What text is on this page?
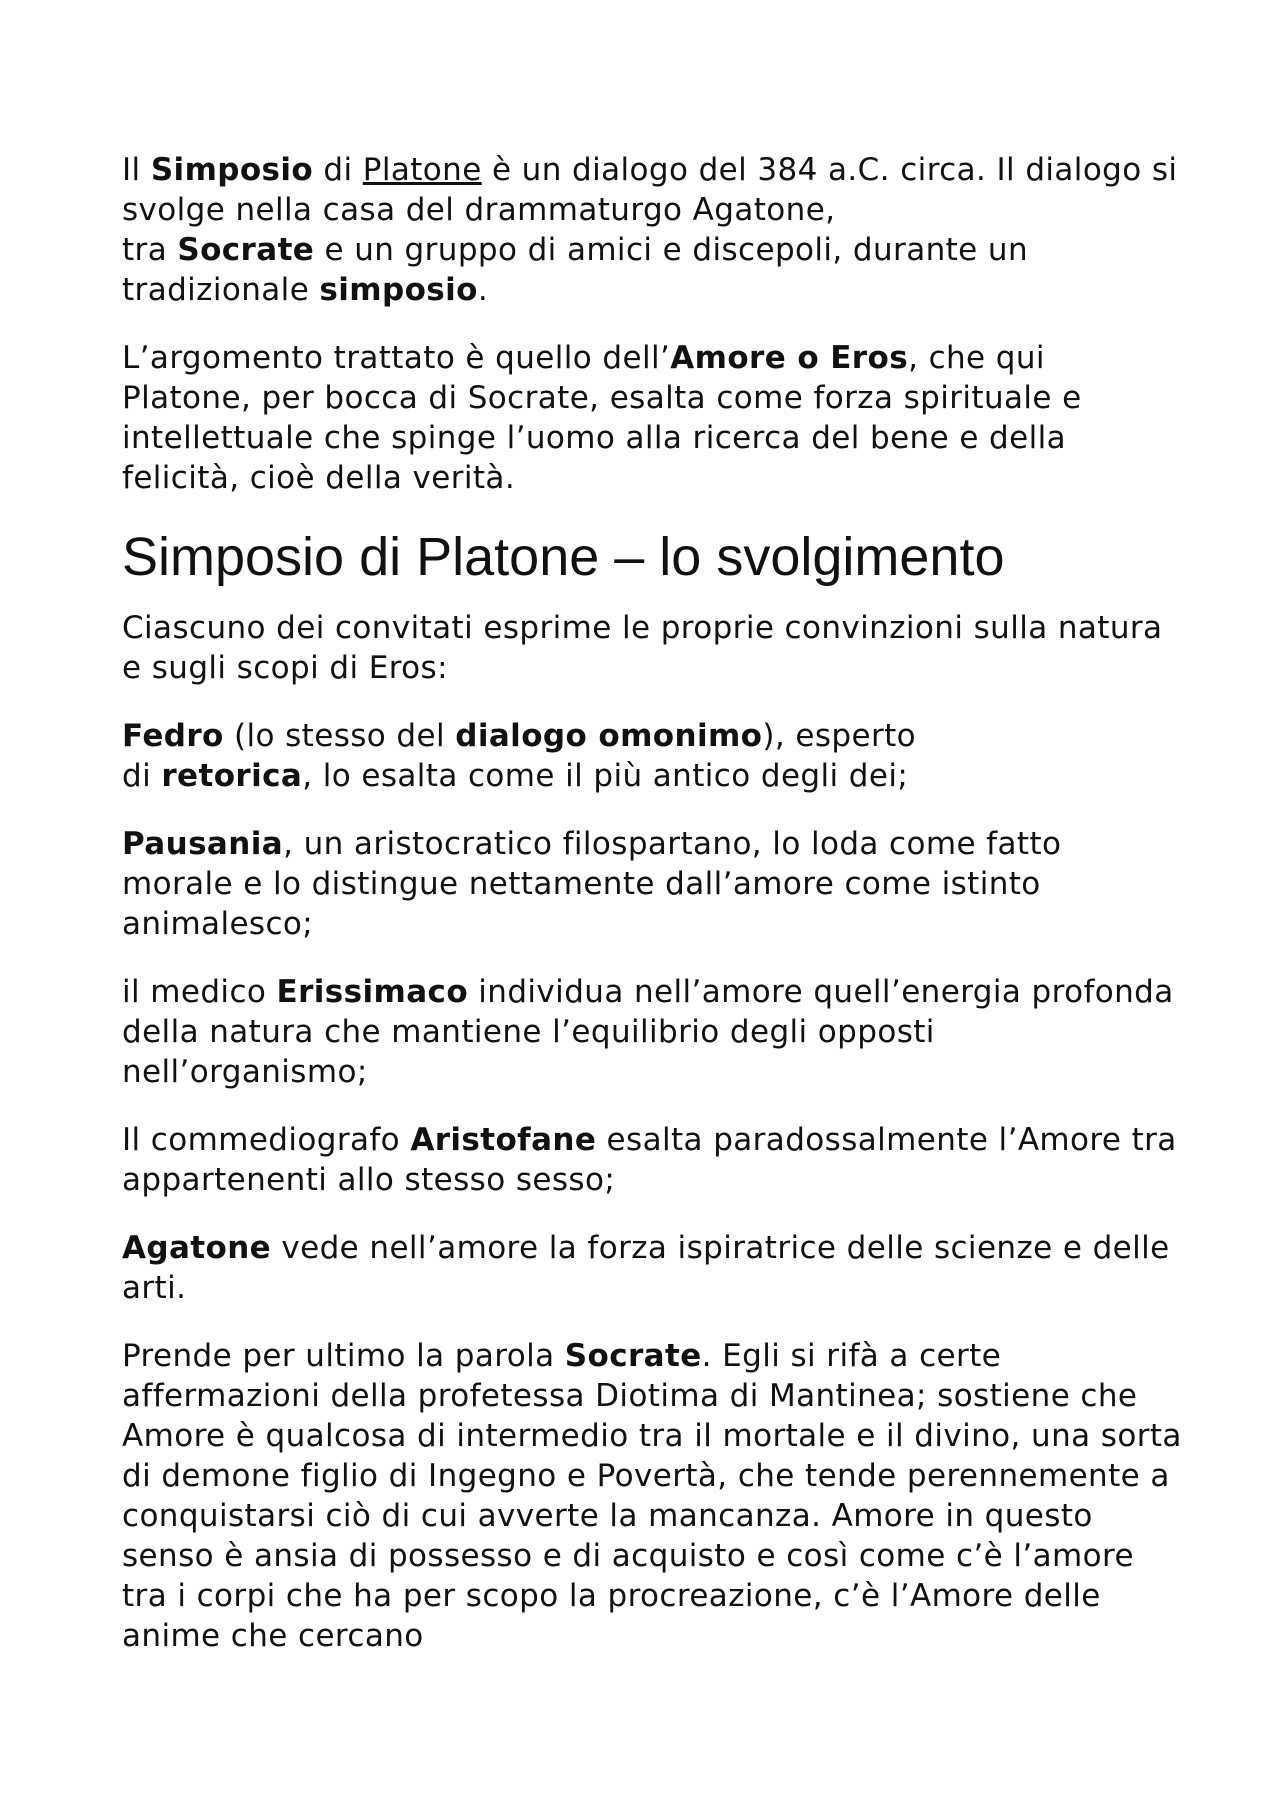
Il Simposio di Platone è un dialogo del 384 a.C. circa. Il dialogo si svolge nella casa del drammaturgo Agatone,
tra Socrate e un gruppo di amici e discepoli, durante un tradizionale simposio.

L’argomento trattato è quello dell’Amore o Eros, che qui Platone, per bocca di Socrate, esalta come forza spirituale e intellettuale che spinge l’uomo alla ricerca del bene e della felicità, cioè della verità.

Simposio di Platone – lo svolgimento

Ciascuno dei convitati esprime le proprie convinzioni sulla natura e sugli scopi di Eros:

Fedro (lo stesso del dialogo omonimo), esperto
di retorica, lo esalta come il più antico degli dei;

Pausania, un aristocratico filospartano, lo loda come fatto morale e lo distingue nettamente dall’amore come istinto animalesco;

il medico Erissimaco individua nell’amore quell’energia profonda della natura che mantiene l’equilibrio degli opposti nell’organismo;

Il commediografo Aristofane esalta paradossalmente l’Amore tra appartenenti allo stesso sesso;

Agatone vede nell’amore la forza ispiratrice delle scienze e delle arti.

Prende per ultimo la parola Socrate. Egli si rifà a certe affermazioni della profetessa Diotima di Mantinea; sostiene che Amore è qualcosa di intermedio tra il mortale e il divino, una sorta di demone figlio di Ingegno e Povertà, che tende perennemente a conquistarsi ciò di cui avverte la mancanza. Amore in questo senso è ansia di possesso e di acquisto e così come c’è l’amore tra i corpi che ha per scopo la procreazione, c’è l’Amore delle anime che cercano
